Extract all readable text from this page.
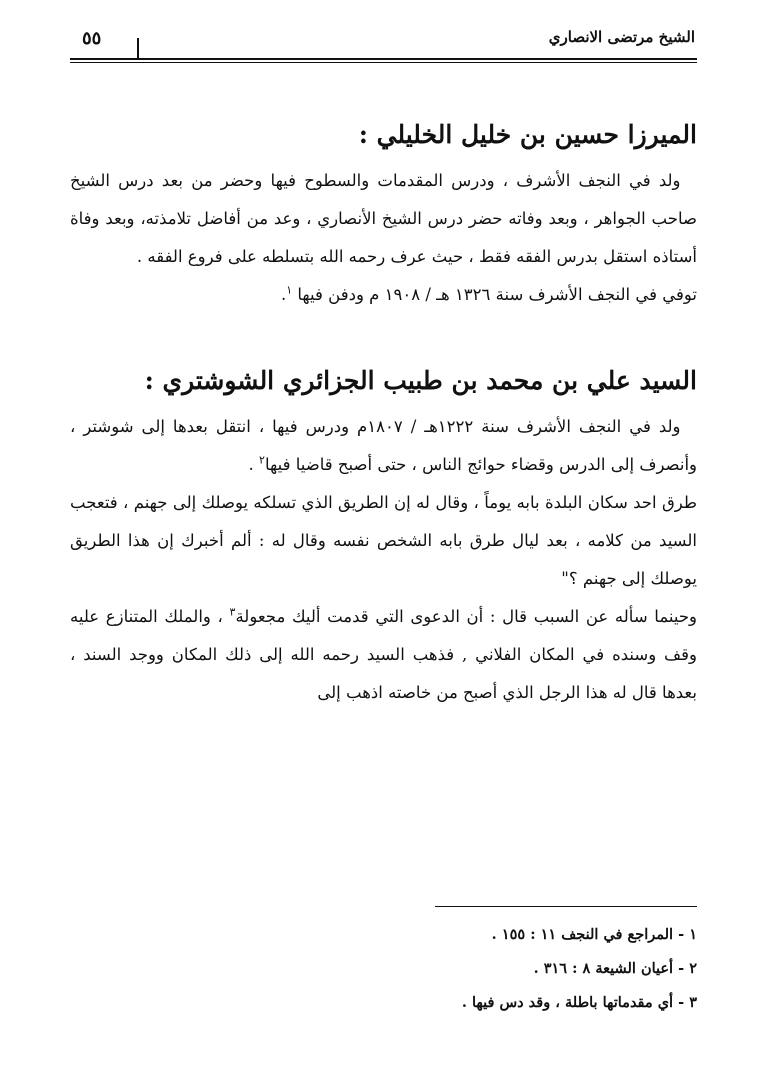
الشيخ مرتضى الانصاري
٥٥
الميرزا حسين بن خليل الخليلي :

 ولد في النجف الأشرف ، ودرس المقدمات والسطوح فيها وحضر من بعد درس الشيخ صاحب الجواهر ، وبعد وفاته حضر درس الشيخ الأنصاري ، وعد من أفاضل تلامذته، وبعد وفاة أستاذه استقل بدرس الفقه فقط ، حيث عرف رحمه الله بتسلطه على فروع الفقه .

توفي في النجف الأشرف سنة ١٣٢٦ هـ / ١٩٠٨ م ودفن فيها $^١$.

السيد علي بن محمد بن طبيب الجزائري الشوشتري :

 ولد في النجف الأشرف سنة ١٢٢٢هـ / ١٨٠٧م ودرس فيها ، انتقل بعدها إلى شوشتر ، وأنصرف إلى الدرس وقضاء حوائج الناس ، حتى أصبح قاضيا فيها$^٢$ .

طرق احد سكان البلدة بابه يوماً ، وقال له إن الطريق الذي تسلكه يوصلك إلى جهنم ، فتعجب السيد من كلامه ، بعد ليال طرق بابه الشخص نفسه وقال له : ألم أخبرك إن هذا الطريق يوصلك إلى جهنم ؟"

وحينما سأله عن السبب قال : أن الدعوى التي قدمت أليك مجعولة$^٣$ ، والملك المتنازع عليه وقف وسنده في المكان الفلاني , فذهب السيد رحمه الله إلى ذلك المكان ووجد السند ، بعدها قال له هذا الرجل الذي أصبح من خاصته اذهب إلى

١ - المراجع في النجف ١١ : ١٥٥ .

٢ - أعيان الشيعة ٨ : ٣١٦ .

٣ - أي مقدماتها باطلة ، وقد دس فيها .
